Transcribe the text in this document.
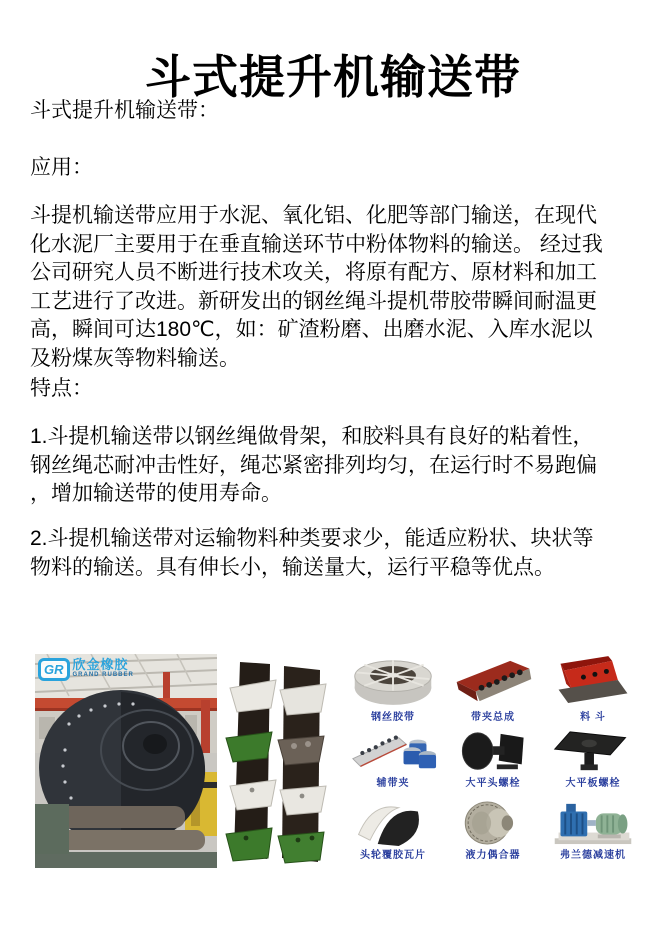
斗式提升机输送带
斗式提升机输送带：
应用：
斗提机输送带应用于水泥、氧化铝、化肥等部门输送，在现代
化水泥厂主要用于在垂直输送环节中粉体物料的输送。 经过我
公司研究人员不断进行技术攻关，将原有配方、原材料和加工
工艺进行了改进。新研发出的钢丝绳斗提机带胶带瞬间耐温更
高，瞬间可达180℃，如：矿渣粉磨、出磨水泥、入库水泥以
及粉煤灰等物料输送。
特点：
1.斗提机输送带以钢丝绳做骨架，和胶料具有良好的粘着性，
钢丝绳芯耐冲击性好，绳芯紧密排列均匀，在运行时不易跑偏
，增加输送带的使用寿命。
2.斗提机输送带对运输物料种类要求少，能适应粉状、块状等
物料的输送。具有伸长小，输送量大，运行平稳等优点。
GR 欣金橡胶
GRAND RUBBER
钢丝胶带	带夹总成	料 斗
辅带夹	大平头螺栓	大平板螺栓
头轮覆胶瓦片	液力偶合器	弗兰德减速机
